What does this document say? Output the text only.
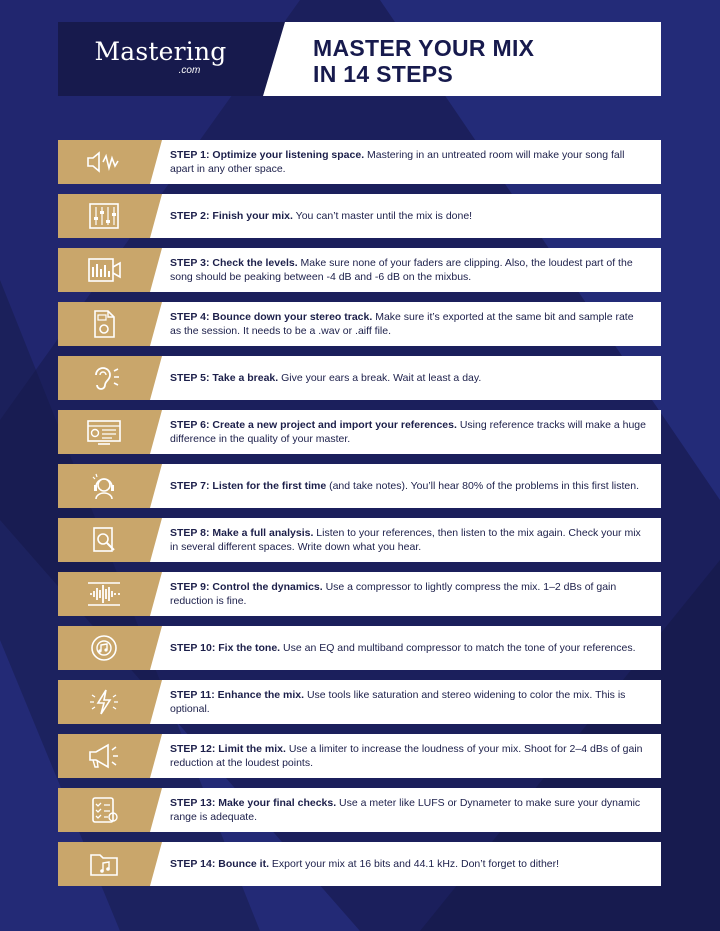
Mastering
.com
MASTER YOUR MIX
IN 14 STEPS
STEP 1: Optimize your listening space. Mastering in an untreated room will make your song fall apart in any other space.
STEP 2: Finish your mix. You can’t master until the mix is done!
STEP 3: Check the levels. Make sure none of your faders are clipping. Also, the loudest part of the song should be peaking between -4 dB and -6 dB on the mixbus.
STEP 4: Bounce down your stereo track. Make sure it’s exported at the same bit and sample rate as the session. It needs to be a .wav or .aiff file.
STEP 5: Take a break. Give your ears a break. Wait at least a day.
STEP 6: Create a new project and import your references. Using reference tracks will make a huge difference in the quality of your master.
STEP 7: Listen for the first time (and take notes). You’ll hear 80% of the problems in this first listen.
STEP 8: Make a full analysis. Listen to your references, then listen to the mix again. Check your mix in several different spaces. Write down what you hear.
STEP 9: Control the dynamics. Use a compressor to lightly compress the mix. 1–2 dBs of gain reduction is fine.
STEP 10: Fix the tone. Use an EQ and multiband compressor to match the tone of your references.
STEP 11: Enhance the mix. Use tools like saturation and stereo widening to color the mix. This is optional.
STEP 12: Limit the mix. Use a limiter to increase the loudness of your mix. Shoot for 2–4 dBs of gain reduction at the loudest points.
STEP 13: Make your final checks. Use a meter like LUFS or Dynameter to make sure your dynamic range is adequate.
STEP 14: Bounce it. Export your mix at 16 bits and 44.1 kHz. Don’t forget to dither!
